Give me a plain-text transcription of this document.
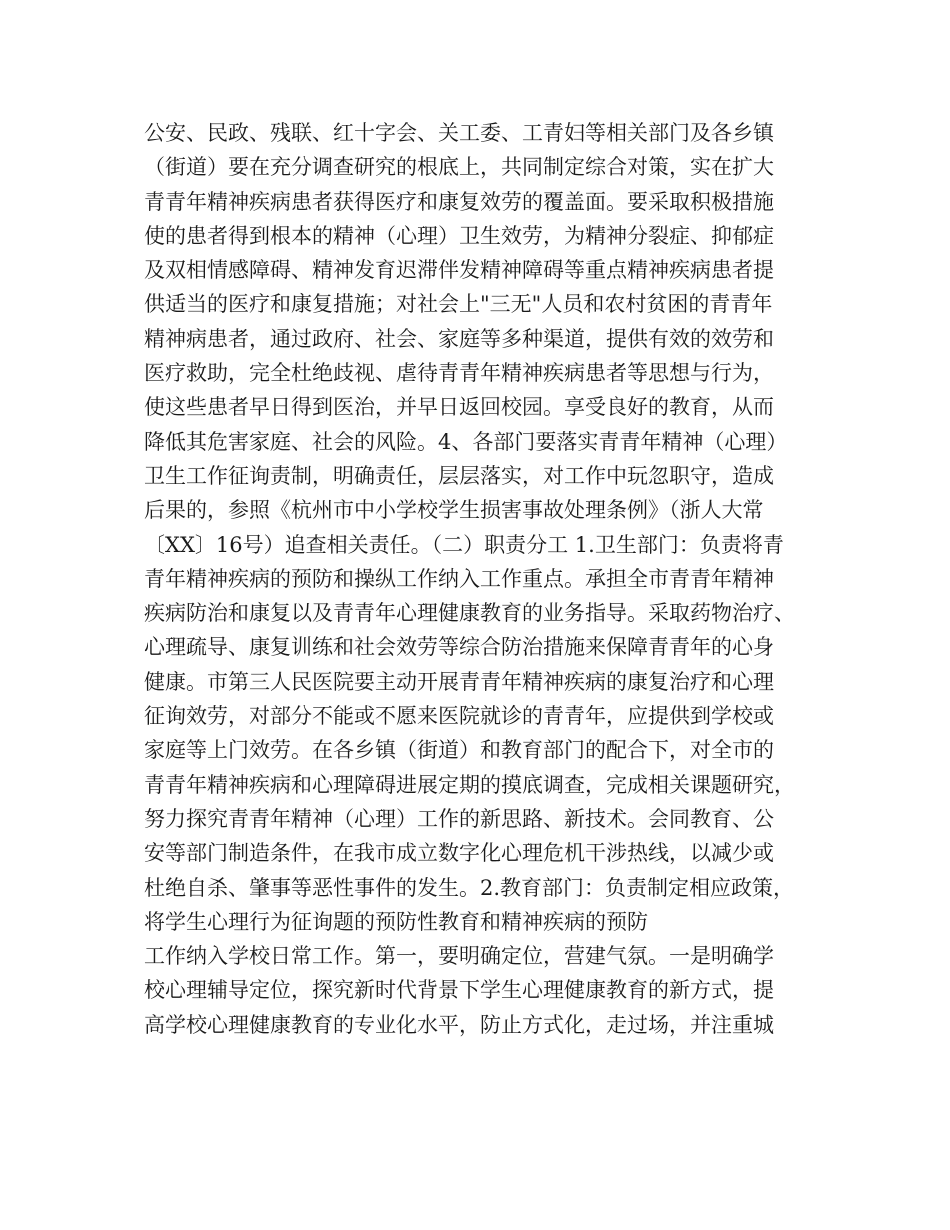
公安、民政、残联、红十字会、关工委、工青妇等相关部门及各乡镇
（街道）要在充分调查研究的根底上，共同制定综合对策，实在扩大
青青年精神疾病患者获得医疗和康复效劳的覆盖面。要采取积极措施
使的患者得到根本的精神（心理）卫生效劳，为精神分裂症、抑郁症
及双相情感障碍、精神发育迟滞伴发精神障碍等重点精神疾病患者提
供适当的医疗和康复措施；对社会上"三无"人员和农村贫困的青青年
精神病患者，通过政府、社会、家庭等多种渠道，提供有效的效劳和
医疗救助，完全杜绝歧视、虐待青青年精神疾病患者等思想与行为，
使这些患者早日得到医治，并早日返回校园。享受良好的教育，从而
降低其危害家庭、社会的风险。4、各部门要落实青青年精神（心理）
卫生工作征询责制，明确责任，层层落实，对工作中玩忽职守，造成
后果的，参照《杭州市中小学校学生损害事故处理条例》（浙人大常
〔XX〕16号）追查相关责任。（二）职责分工 1.卫生部门：负责将青
青年精神疾病的预防和操纵工作纳入工作重点。承担全市青青年精神
疾病防治和康复以及青青年心理健康教育的业务指导。采取药物治疗、
心理疏导、康复训练和社会效劳等综合防治措施来保障青青年的心身
健康。市第三人民医院要主动开展青青年精神疾病的康复治疗和心理
征询效劳，对部分不能或不愿来医院就诊的青青年，应提供到学校或
家庭等上门效劳。在各乡镇（街道）和教育部门的配合下，对全市的
青青年精神疾病和心理障碍进展定期的摸底调查，完成相关课题研究，
努力探究青青年精神（心理）工作的新思路、新技术。会同教育、公
安等部门制造条件，在我市成立数字化心理危机干涉热线，以减少或
杜绝自杀、肇事等恶性事件的发生。2.教育部门：负责制定相应政策，
将学生心理行为征询题的预防性教育和精神疾病的预防
工作纳入学校日常工作。第一，要明确定位，营建气氛。一是明确学
校心理辅导定位，探究新时代背景下学生心理健康教育的新方式，提
高学校心理健康教育的专业化水平，防止方式化，走过场，并注重城
